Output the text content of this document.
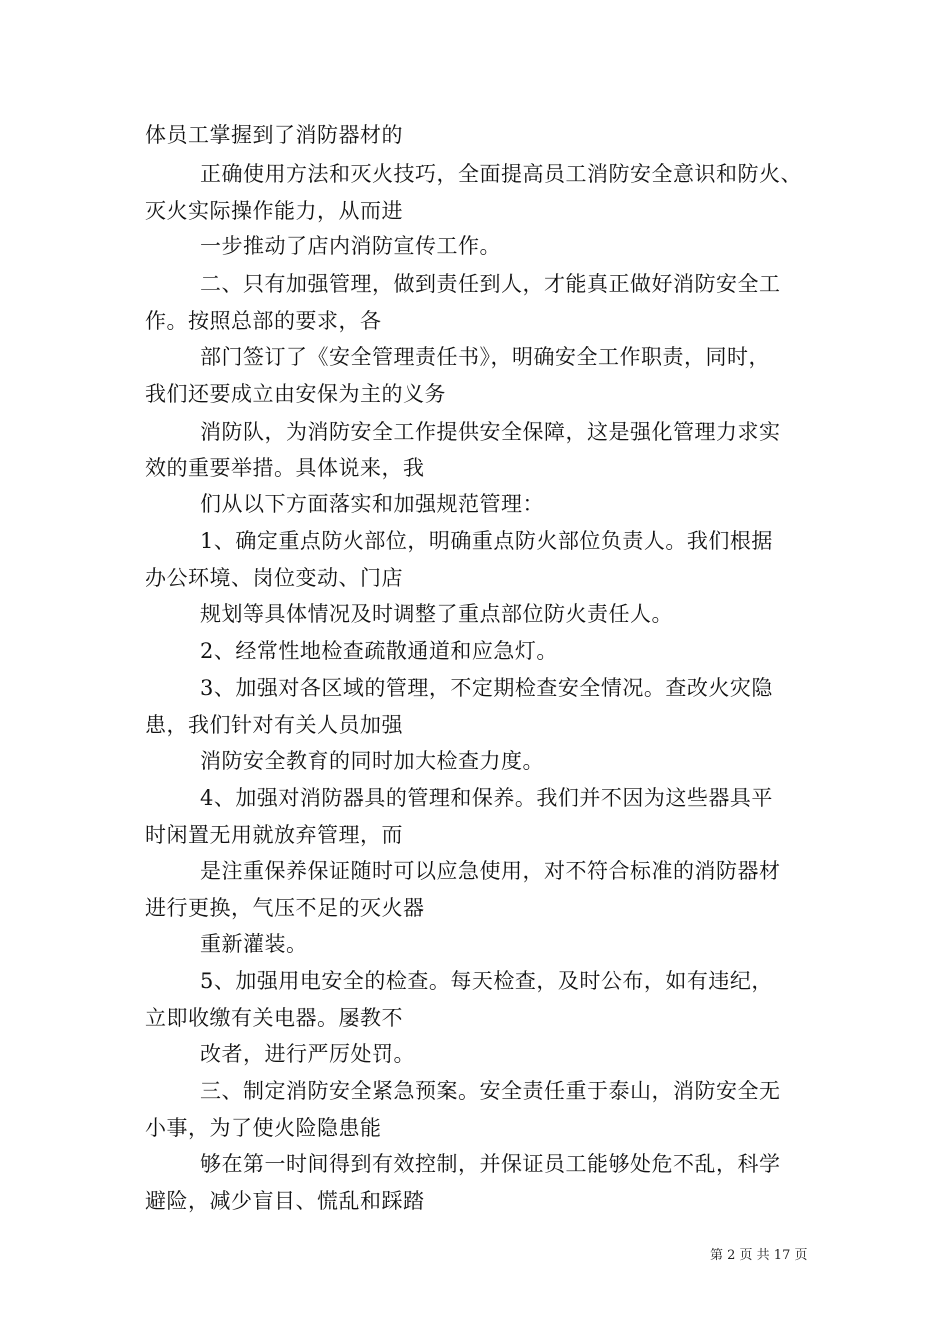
体员工掌握到了消防器材的
正确使用方法和灭火技巧，全面提高员工消防安全意识和防火、
灭火实际操作能力，从而进
一步推动了店内消防宣传工作。
二、只有加强管理，做到责任到人，才能真正做好消防安全工
作。按照总部的要求，各
部门签订了《安全管理责任书》，明确安全工作职责，同时，
我们还要成立由安保为主的义务
消防队，为消防安全工作提供安全保障，这是强化管理力求实
效的重要举措。具体说来，我
们从以下方面落实和加强规范管理：
1、确定重点防火部位，明确重点防火部位负责人。我们根据
办公环境、岗位变动、门店
规划等具体情况及时调整了重点部位防火责任人。
2、经常性地检查疏散通道和应急灯。
3、加强对各区域的管理，不定期检查安全情况。查改火灾隐
患，我们针对有关人员加强
消防安全教育的同时加大检查力度。
4、加强对消防器具的管理和保养。我们并不因为这些器具平
时闲置无用就放弃管理，而
是注重保养保证随时可以应急使用，对不符合标准的消防器材
进行更换，气压不足的灭火器
重新灌装。
5、加强用电安全的检查。每天检查，及时公布，如有违纪，
立即收缴有关电器。屡教不
改者，进行严厉处罚。
三、制定消防安全紧急预案。安全责任重于泰山，消防安全无
小事，为了使火险隐患能
够在第一时间得到有效控制，并保证员工能够处危不乱，科学
避险，减少盲目、慌乱和踩踏
第 2 页 共 17 页
